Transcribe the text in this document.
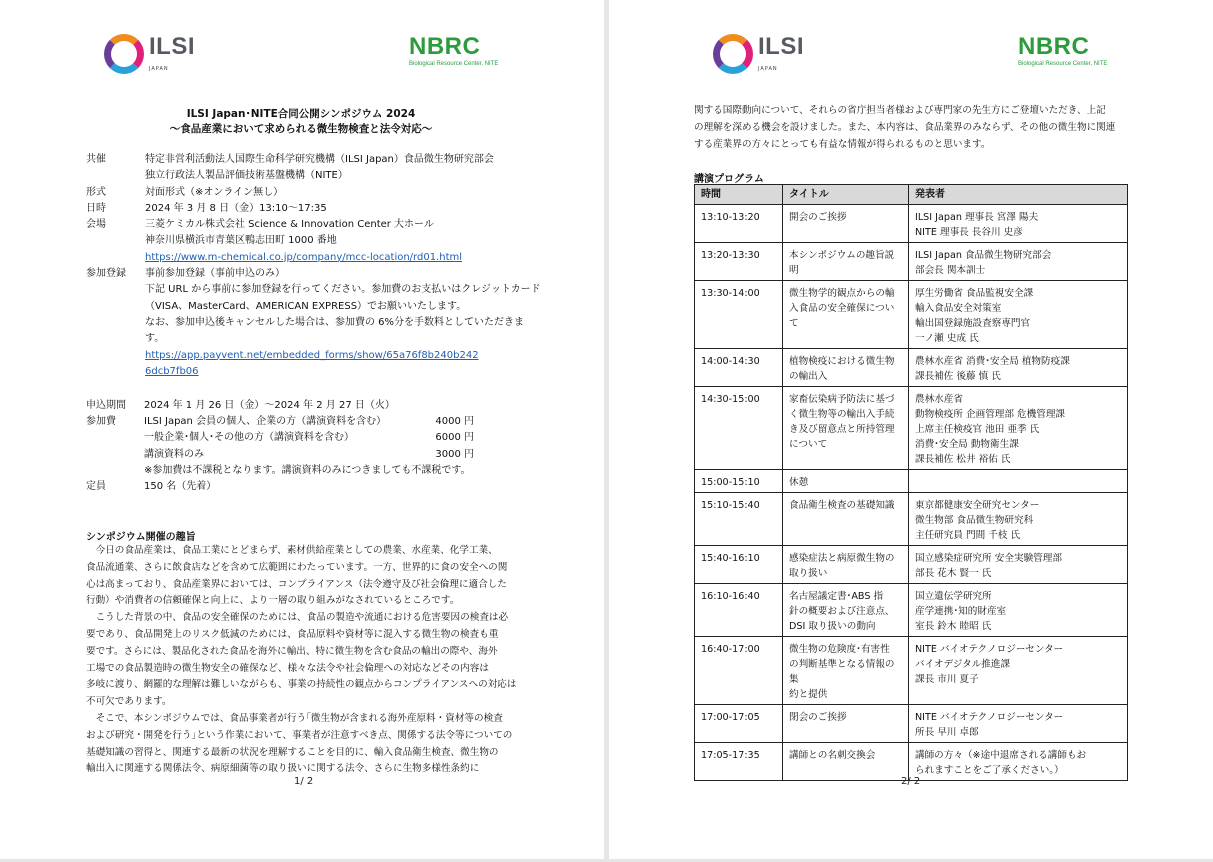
ILSI
JAPAN
NBRC
Biological Resource Center, NITE
ILSI Japan･NITE合同公開シンポジウム 2024
～食品産業において求められる微生物検査と法令対応～
共催	特定非営利活動法人国際生命科学研究機構（ILSI Japan）食品微生物研究部会
独立行政法人製品評価技術基盤機構（NITE）
形式	対面形式（※オンライン無し）
日時	2024 年 3 月 8 日（金）13:10～17:35
会場	三菱ケミカル株式会社 Science & Innovation Center 大ホール
神奈川県横浜市青葉区鴨志田町 1000 番地
https://www.m-chemical.co.jp/company/mcc-location/rd01.html
参加登録	事前参加登録（事前申込のみ）
下記 URL から事前に参加登録を行ってください。参加費のお支払いはクレジットカード
（VISA、MasterCard、AMERICAN EXPRESS）でお願いいたします。
なお、参加申込後キャンセルした場合は、参加費の 6%分を手数料としていただきま
す。
https://app.payvent.net/embedded_forms/show/65a76f8b240b242
6dcb7fb06
申込期間	2024 年 1 月 26 日（金）～2024 年 2 月 27 日（火）
参加費	ILSI Japan 会員の個人、企業の方（講演資料を含む）	4000 円
一般企業･個人･その他の方（講演資料を含む）	6000 円
講演資料のみ	3000 円
※参加費は不課税となります。講演資料のみにつきましても不課税です。
定員	150 名（先着）
シンポジウム開催の趣旨

　今日の食品産業は、食品工業にとどまらず、素材供給産業としての農業、水産業、化学工業、

食品流通業、さらに飲食店などを含めて広範囲にわたっています。一方、世界的に食の安全への関

心は高まっており、食品産業界においては、コンプライアンス（法令遵守及び社会倫理に適合した

行動）や消費者の信頼確保と向上に、より一層の取り組みがなされているところです。

　こうした背景の中、食品の安全確保のためには、食品の製造や流通における危害要因の検査は必

要であり、食品開発上のリスク低減のためには、食品原料や資材等に混入する微生物の検査も重

要です。さらには、製品化された食品を海外に輸出、特に微生物を含む食品の輸出の際や、海外

工場での食品製造時の微生物安全の確保など、様々な法令や社会倫理への対応などその内容は

多岐に渡り、網羅的な理解は難しいながらも、事業の持続性の観点からコンプライアンスへの対応は

不可欠であります。

　そこで、本シンポジウムでは、食品事業者が行う｢微生物が含まれる海外産原料・資材等の検査

および研究・開発を行う｣という作業において、事業者が注意すべき点、関係する法令等についての

基礎知識の習得と、関連する最新の状況を理解することを目的に、輸入食品衛生検査、微生物の

輸出入に関連する関係法令、病原細菌等の取り扱いに関する法令、さらに生物多様性条約に

1/ 2
ILSI
JAPAN
NBRC
Biological Resource Center, NITE

関する国際動向について、それらの省庁担当者様および専門家の先生方にご登壇いただき、上記

の理解を深める機会を設けました。また、本内容は、食品業界のみならず、その他の微生物に関連

する産業界の方々にとっても有益な情報が得られるものと思います。

講演プログラム
時間	タイトル	発表者
13:10-13:20	開会のご挨拶	ILSI Japan 理事長 宮澤 陽夫
NITE 理事長 長谷川 史彦
13:20-13:30	本シンポジウムの趣旨説明	ILSI Japan 食品微生物研究部会
部会長 関本訓士
13:30-14:00	微生物学的観点からの輸
入食品の安全確保につい
て	厚生労働省 食品監視安全課
輸入食品安全対策室
輸出国登録施設査察専門官
一ノ瀬 史成 氏
14:00-14:30	植物検疫における微生物
の輸出入	農林水産省 消費･安全局 植物防疫課
課長補佐 後藤 慎 氏
14:30-15:00	家畜伝染病予防法に基づ
く微生物等の輸出入手続
き及び留意点と所持管理
について	農林水産省
動物検疫所 企画管理部 危機管理課
上席主任検疫官 池田 亜季 氏
消費･安全局 動物衛生課
課長補佐 松井 裕佑 氏
15:00-15:10	休憩	
15:10-15:40	食品衛生検査の基礎知識	東京都健康安全研究センター
微生物部 食品微生物研究科
主任研究員 門間 千枝 氏
15:40-16:10	感染症法と病原微生物の
取り扱い	国立感染症研究所 安全実験管理部
部長 花木 賢一 氏
16:10-16:40	名古屋議定書･ABS 指
針の概要および注意点、
DSI 取り扱いの動向	国立遺伝学研究所
産学連携･知的財産室
室長 鈴木 睦昭 氏
16:40-17:00	微生物の危険度･有害性
の判断基準となる情報の集
約と提供	NITE バイオテクノロジーセンター
バイオデジタル推進課
課長 市川 夏子
17:00-17:05	閉会のご挨拶	NITE バイオテクノロジーセンター
所長 早川 卓郎
17:05-17:35	講師との名刺交換会	講師の方々（※途中退席される講師もお
られますことをご了承ください。）
2/ 2
